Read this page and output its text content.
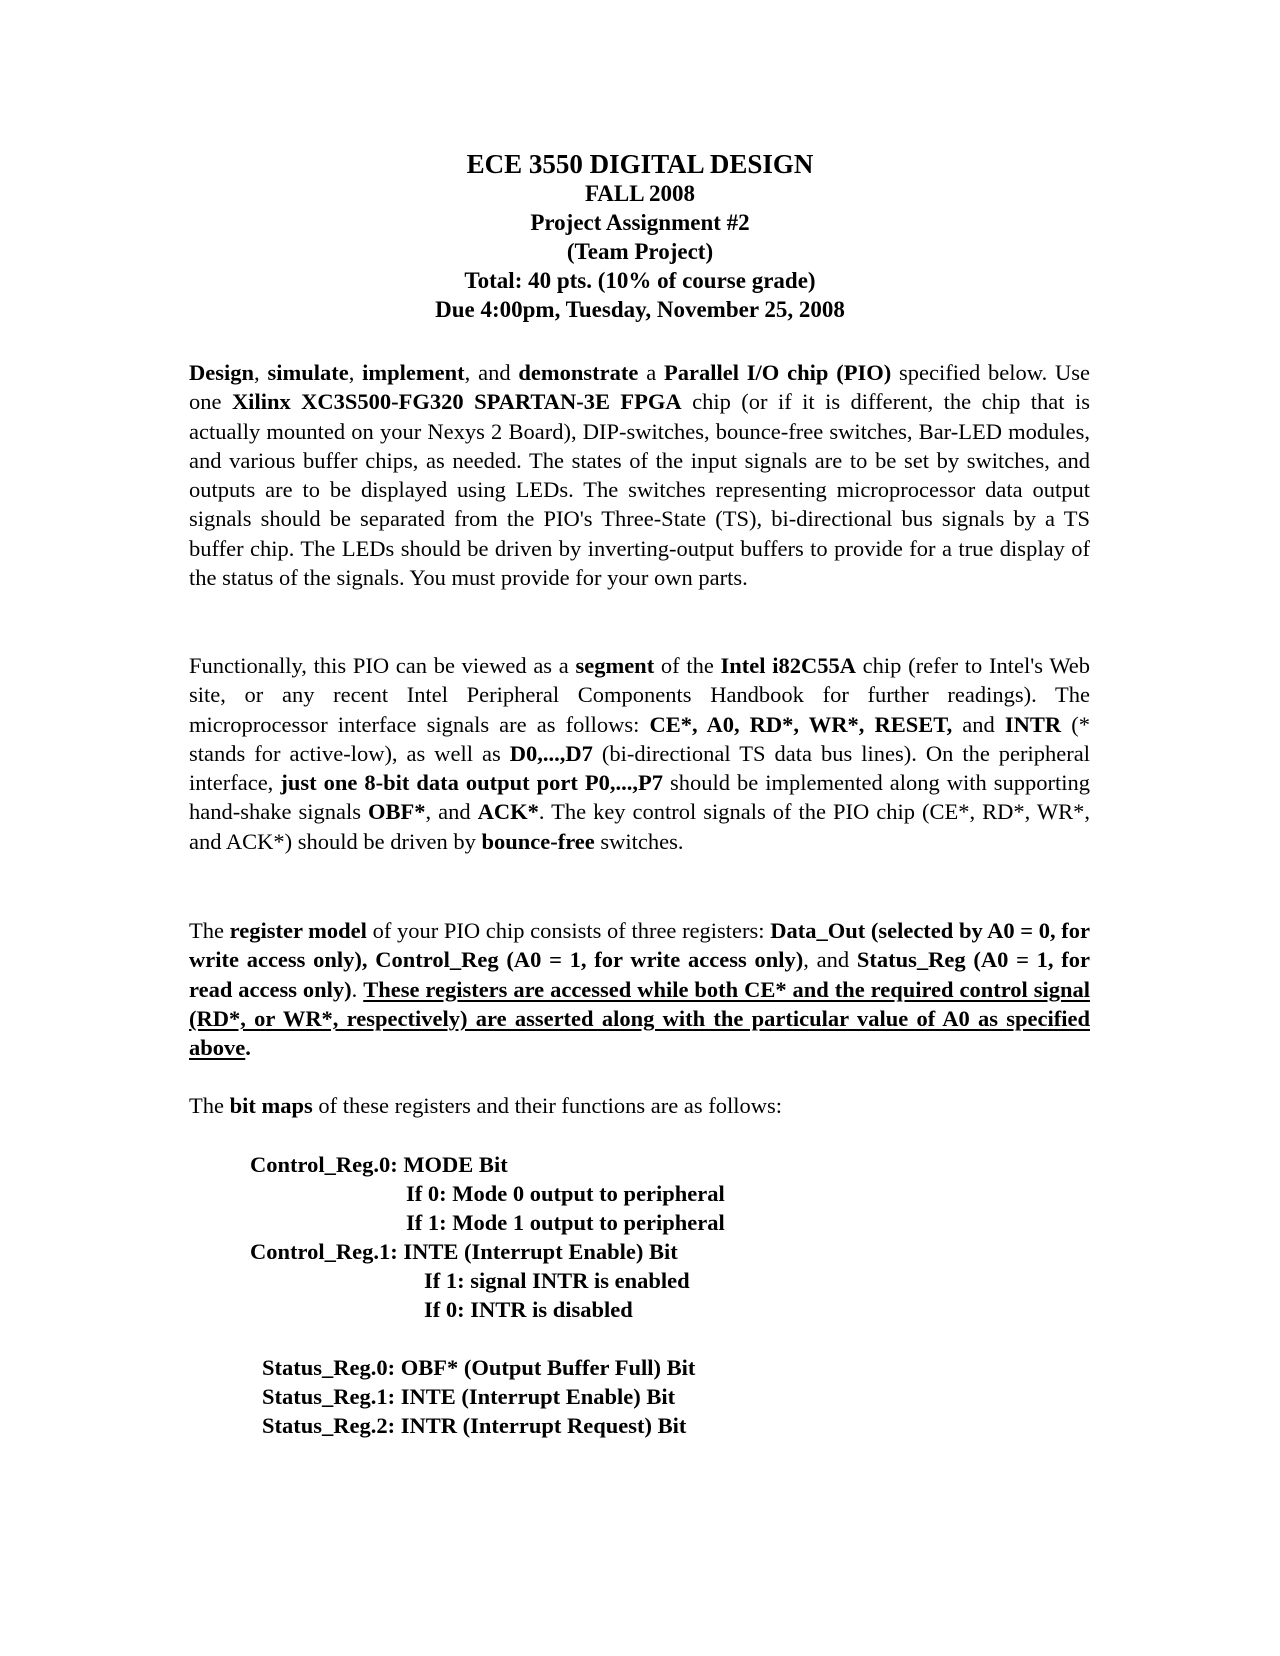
ECE 3550 DIGITAL DESIGN
FALL 2008
Project Assignment #2
(Team Project)
Total: 40 pts. (10% of course grade)
Due 4:00pm, Tuesday, November 25, 2008
Design, simulate, implement, and demonstrate a Parallel I/O chip (PIO) specified below. Use one Xilinx XC3S500-FG320 SPARTAN-3E FPGA chip (or if it is different, the chip that is actually mounted on your Nexys 2 Board), DIP-switches, bounce-free switches, Bar-LED modules, and various buffer chips, as needed. The states of the input signals are to be set by switches, and outputs are to be displayed using LEDs. The switches representing microprocessor data output signals should be separated from the PIO's Three-State (TS), bi-directional bus signals by a TS buffer chip. The LEDs should be driven by inverting-output buffers to provide for a true display of the status of the signals. You must provide for your own parts.
Functionally, this PIO can be viewed as a segment of the Intel i82C55A chip (refer to Intel's Web site, or any recent Intel Peripheral Components Handbook for further readings). The microprocessor interface signals are as follows: CE*, A0, RD*, WR*, RESET, and INTR (* stands for active-low), as well as D0,...,D7 (bi-directional TS data bus lines). On the peripheral interface, just one 8-bit data output port P0,...,P7 should be implemented along with supporting hand-shake signals OBF*, and ACK*. The key control signals of the PIO chip (CE*, RD*, WR*, and ACK*) should be driven by bounce-free switches.
The register model of your PIO chip consists of three registers: Data_Out (selected by A0 = 0, for write access only), Control_Reg (A0 = 1, for write access only), and Status_Reg (A0 = 1, for read access only). These registers are accessed while both CE* and the required control signal (RD*, or WR*, respectively) are asserted along with the particular value of A0 as specified above.
The bit maps of these registers and their functions are as follows:
Control_Reg.0: MODE Bit
If 0: Mode 0 output to peripheral
If 1: Mode 1 output to peripheral
Control_Reg.1: INTE (Interrupt Enable) Bit
If 1: signal INTR is enabled
If 0: INTR is disabled
Status_Reg.0: OBF* (Output Buffer Full) Bit
Status_Reg.1: INTE (Interrupt Enable) Bit
Status_Reg.2: INTR (Interrupt Request) Bit
